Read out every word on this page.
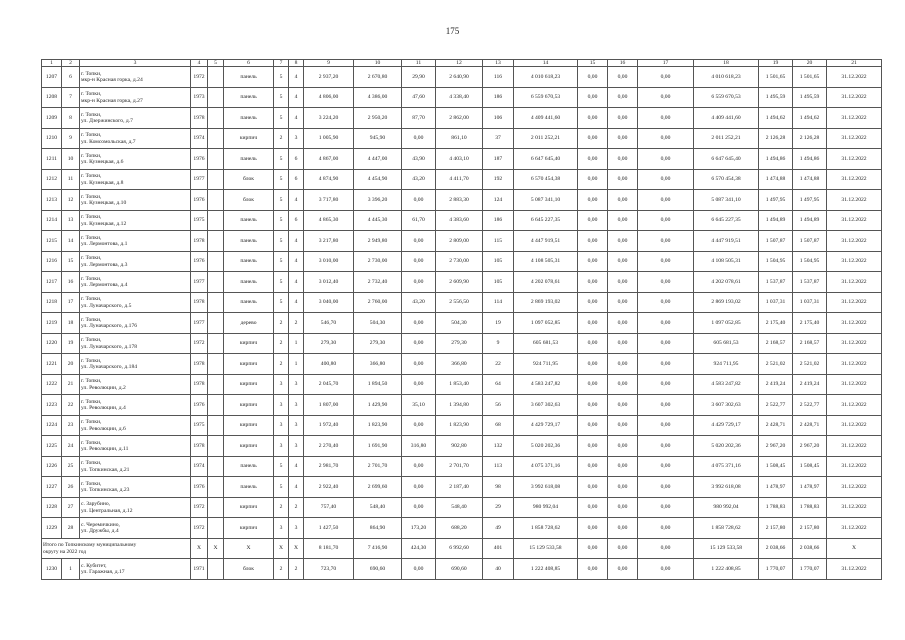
175
1	2	3	4	5	6	7	8	9	10	11	12	13	14	15	16	17	18	19	20	21
1207	6	г. Топки,
мкр-н Красная горка, д.24	1972		панель	5	4	2 937,20	2 670,80	29,90	2 640,90	116	4 010 618,23	0,00	0,00	0,00	4 010 618,23	1 501,65	1 501,65	31.12.2022
1208	7	г. Топки,
мкр-н Красная горка, д.27	1973		панель	5	4	4 806,00	4 386,00	47,60	4 338,40	186	6 559 670,53	0,00	0,00	0,00	6 559 670,53	1 495,59	1 495,59	31.12.2022
1209	8	г. Топки,
ул. Дзержинского, д.7	1978		панель	5	4	3 224,20	2 950,20	87,70	2 862,00	106	4 409 441,60	0,00	0,00	0,00	4 409 441,60	1 494,62	1 494,62	31.12.2022
1210	9	г. Топки,
ул. Комсомольская, д.7	1974		кирпич	2	3	1 005,90	945,90	0,00	861,10	37	2 011 252,21	0,00	0,00	0,00	2 011 252,21	2 126,28	2 126,28	31.12.2022
1211	10	г. Топки,
ул. Кузнецкая, д.6	1976		панель	5	6	4 867,00	4 447,00	43,90	4 403,10	187	6 647 645,40	0,00	0,00	0,00	6 647 645,40	1 494,86	1 494,86	31.12.2022
1212	11	г. Топки,
ул. Кузнецкая, д.8	1977		блок	5	6	4 874,90	4 454,90	43,20	4 411,70	192	6 570 454,38	0,00	0,00	0,00	6 570 454,38	1 474,88	1 474,88	31.12.2022
1213	12	г. Топки,
ул. Кузнецкая, д.10	1976		блок	5	4	3 717,80	3 396,20	0,00	2 883,30	124	5 087 341,10	0,00	0,00	0,00	5 087 341,10	1 497,95	1 497,95	31.12.2022
1214	13	г. Топки,
ул. Кузнецкая, д.12	1975		панель	5	6	4 865,30	4 445,30	61,70	4 383,60	186	6 645 227,35	0,00	0,00	0,00	6 645 227,35	1 494,89	1 494,89	31.12.2022
1215	14	г. Топки,
ул. Лермонтова, д.1	1978		панель	5	4	3 217,80	2 949,80	0,00	2 809,00	115	4 447 919,51	0,00	0,00	0,00	4 447 919,51	1 507,87	1 507,87	31.12.2022
1216	15	г. Топки,
ул. Лермонтова, д.3	1976		панель	5	4	3 010,00	2 730,00	0,00	2 730,00	105	4 108 505,31	0,00	0,00	0,00	4 108 505,31	1 504,95	1 504,95	31.12.2022
1217	16	г. Топки,
ул. Лермонтова, д.4	1977		панель	5	4	3 012,40	2 732,40	0,00	2 609,90	105	4 202 078,61	0,00	0,00	0,00	4 202 078,61	1 537,87	1 537,87	31.12.2022
1218	17	г. Топки,
ул. Луначарского, д.5	1978		панель	5	4	3 040,00	2 760,00	43,20	2 556,50	114	2 869 193,02	0,00	0,00	0,00	2 869 193,02	1 037,31	1 037,31	31.12.2022
1219	18	г. Топки,
ул. Луначарского, д.176	1977		дерево	2	2	546,70	504,30	0,00	504,30	19	1 097 052,85	0,00	0,00	0,00	1 097 052,85	2 175,40	2 175,40	31.12.2022
1220	19	г. Топки,
ул. Луначарского, д.178	1972		кирпич	2	1	279,30	279,30	0,00	279,30	9	605 681,53	0,00	0,00	0,00	605 681,53	2 168,57	2 168,57	31.12.2022
1221	20	г. Топки,
ул. Луначарского, д.184	1978		кирпич	2	1	400,80	366,80	0,00	366,80	22	924 711,95	0,00	0,00	0,00	924 711,95	2 521,02	2 521,02	31.12.2022
1222	21	г. Топки,
ул. Революции, д.2	1978		кирпич	3	3	2 045,70	1 894,50	0,00	1 853,40	64	4 583 247,82	0,00	0,00	0,00	4 583 247,82	2 419,24	2 419,24	31.12.2022
1223	22	г. Топки,
ул. Революции, д.4	1976		кирпич	3	3	1 807,00	1 429,90	35,10	1 394,80	56	3 607 302,63	0,00	0,00	0,00	3 607 302,63	2 522,77	2 522,77	31.12.2022
1224	23	г. Топки,
ул. Революции, д.6	1975		кирпич	3	3	1 972,40	1 823,90	0,00	1 823,90	68	4 429 729,17	0,00	0,00	0,00	4 429 729,17	2 428,71	2 428,71	31.12.2022
1225	24	г. Топки,
ул. Революции, д.11	1978		кирпич	3	3	2 270,40	1 691,90	316,80	902,80	132	5 020 202,36	0,00	0,00	0,00	5 020 202,36	2 967,20	2 967,20	31.12.2022
1226	25	г. Топки,
ул. Топкинская, д.21	1974		панель	5	4	2 981,70	2 701,70	0,00	2 701,70	113	4 075 371,16	0,00	0,00	0,00	4 075 371,16	1 508,45	1 508,45	31.12.2022
1227	26	г. Топки,
ул. Топкинская, д.23	1976		панель	5	4	2 922,40	2 699,60	0,00	2 187,40	98	3 992 618,08	0,00	0,00	0,00	3 992 618,08	1 478,97	1 478,97	31.12.2022
1228	27	с. Зарубино,
ул. Центральная, д.12	1972		кирпич	2	2	757,40	548,40	0,00	548,40	29	980 992,04	0,00	0,00	0,00	980 992,04	1 788,83	1 788,83	31.12.2022
1229	28	с. Черемичкино,
ул. Дружбы, д.4	1972		кирпич	3	3	1 427,50	864,90	173,20	688,20	49	1 858 728,62	0,00	0,00	0,00	1 858 728,62	2 157,80	2 157,80	31.12.2022

Итого по Топкинскому муниципальному
округу на 2022 год			X	X	X	X	X	8 181,70	7 416,90	424,30	6 992,60	401	15 129 533,58	0,00	0,00	0,00	15 129 533,58	2 038,66	2 038,66	X
1230	1	с. Кубитет,
ул. Гаражная, д.17	1971		блок	2	2	723,70	690,60	0,00	690,60	40	1 222 408,85	0,00	0,00	0,00	1 222 408,85	1 770,07	1 770,07	31.12.2022
